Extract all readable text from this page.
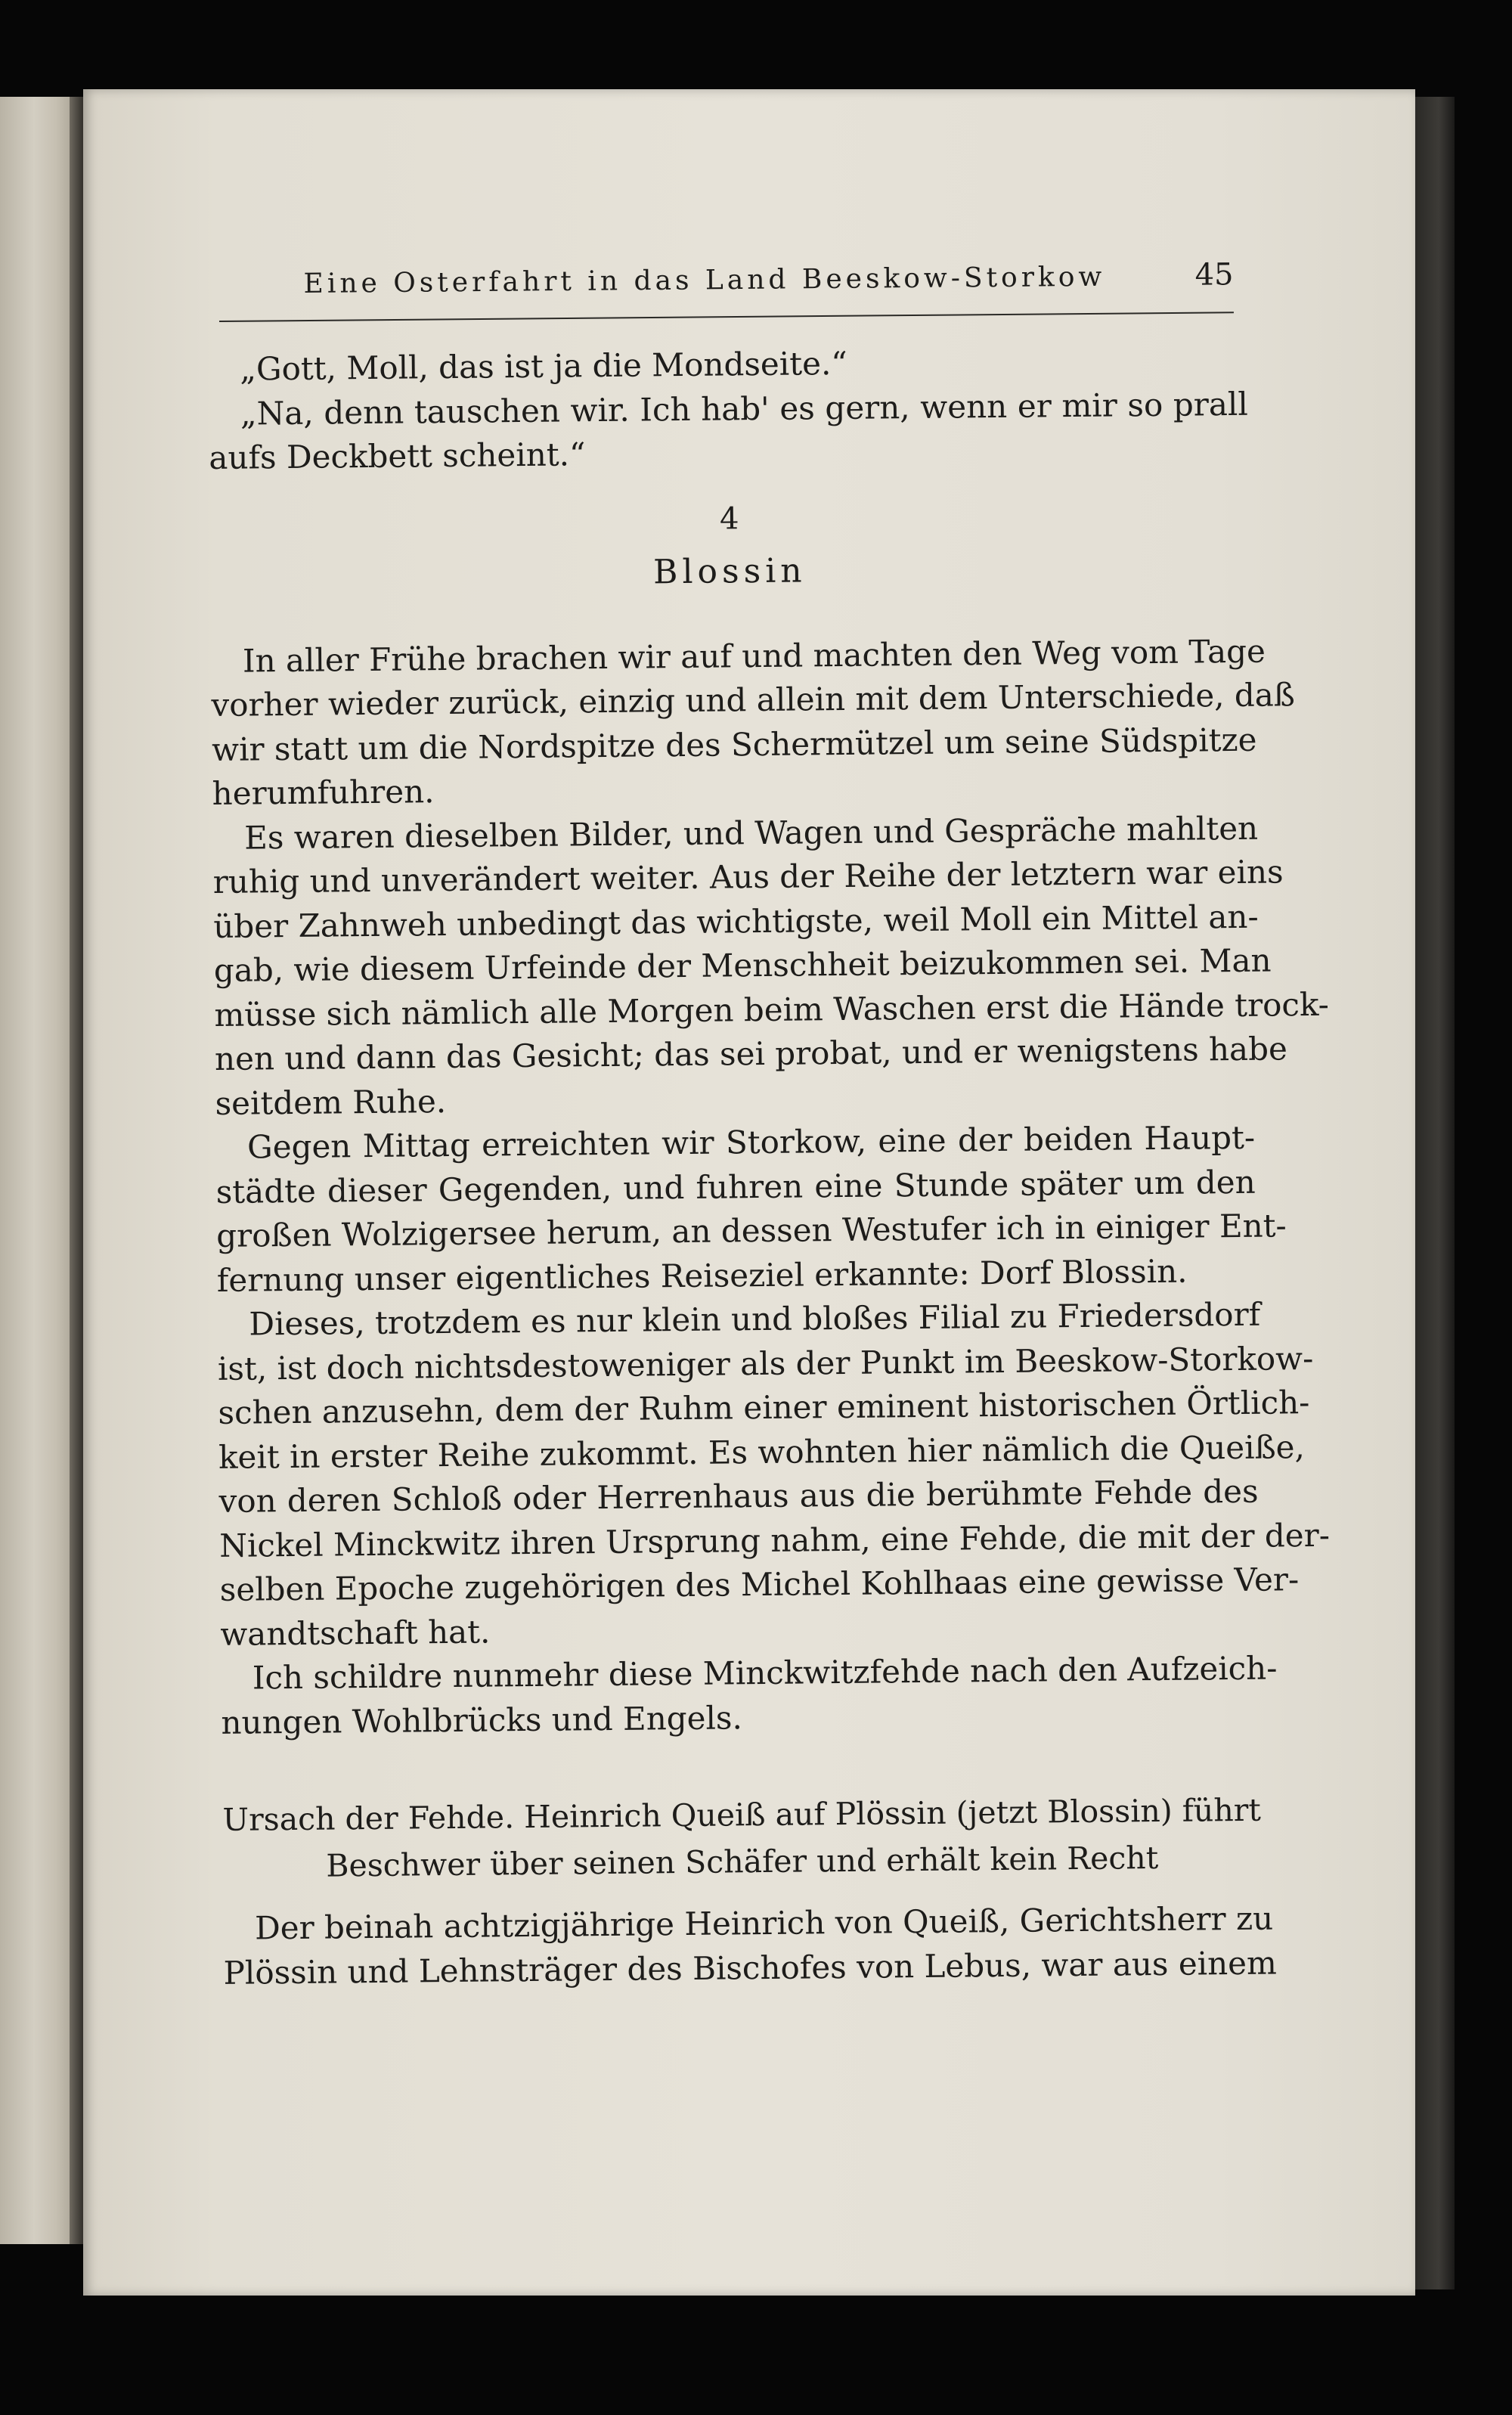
Eine Osterfahrt in das Land Beeskow-Storkow	45
„Gott, Moll, das ist ja die Mondseite.“
„Na, denn tauschen wir. Ich hab' es gern, wenn er mir so prall
aufs Deckbett scheint.“
4
Blossin
In aller Frühe brachen wir auf und machten den Weg vom Tage
vorher wieder zurück, einzig und allein mit dem Unterschiede, daß
wir statt um die Nordspitze des Schermützel um seine Südspitze
herumfuhren.
Es waren dieselben Bilder, und Wagen und Gespräche mahlten
ruhig und unverändert weiter. Aus der Reihe der letztern war eins
über Zahnweh unbedingt das wichtigste, weil Moll ein Mittel an-
gab, wie diesem Urfeinde der Menschheit beizukommen sei. Man
müsse sich nämlich alle Morgen beim Waschen erst die Hände trock-
nen und dann das Gesicht; das sei probat, und er wenigstens habe
seitdem Ruhe.
Gegen Mittag erreichten wir Storkow, eine der beiden Haupt-
städte dieser Gegenden, und fuhren eine Stunde später um den
großen Wolzigersee herum, an dessen Westufer ich in einiger Ent-
fernung unser eigentliches Reiseziel erkannte: Dorf Blossin.
Dieses, trotzdem es nur klein und bloßes Filial zu Friedersdorf
ist, ist doch nichtsdestoweniger als der Punkt im Beeskow-Storkow-
schen anzusehn, dem der Ruhm einer eminent historischen Örtlich-
keit in erster Reihe zukommt. Es wohnten hier nämlich die Queiße,
von deren Schloß oder Herrenhaus aus die berühmte Fehde des
Nickel Minckwitz ihren Ursprung nahm, eine Fehde, die mit der der-
selben Epoche zugehörigen des Michel Kohlhaas eine gewisse Ver-
wandtschaft hat.
Ich schildre nunmehr diese Minckwitzfehde nach den Aufzeich-
nungen Wohlbrücks und Engels.
Ursach der Fehde. Heinrich Queiß auf Plössin (jetzt Blossin) führt
Beschwer über seinen Schäfer und erhält kein Recht
Der beinah achtzigjährige Heinrich von Queiß, Gerichtsherr zu
Plössin und Lehnsträger des Bischofes von Lebus, war aus einem
